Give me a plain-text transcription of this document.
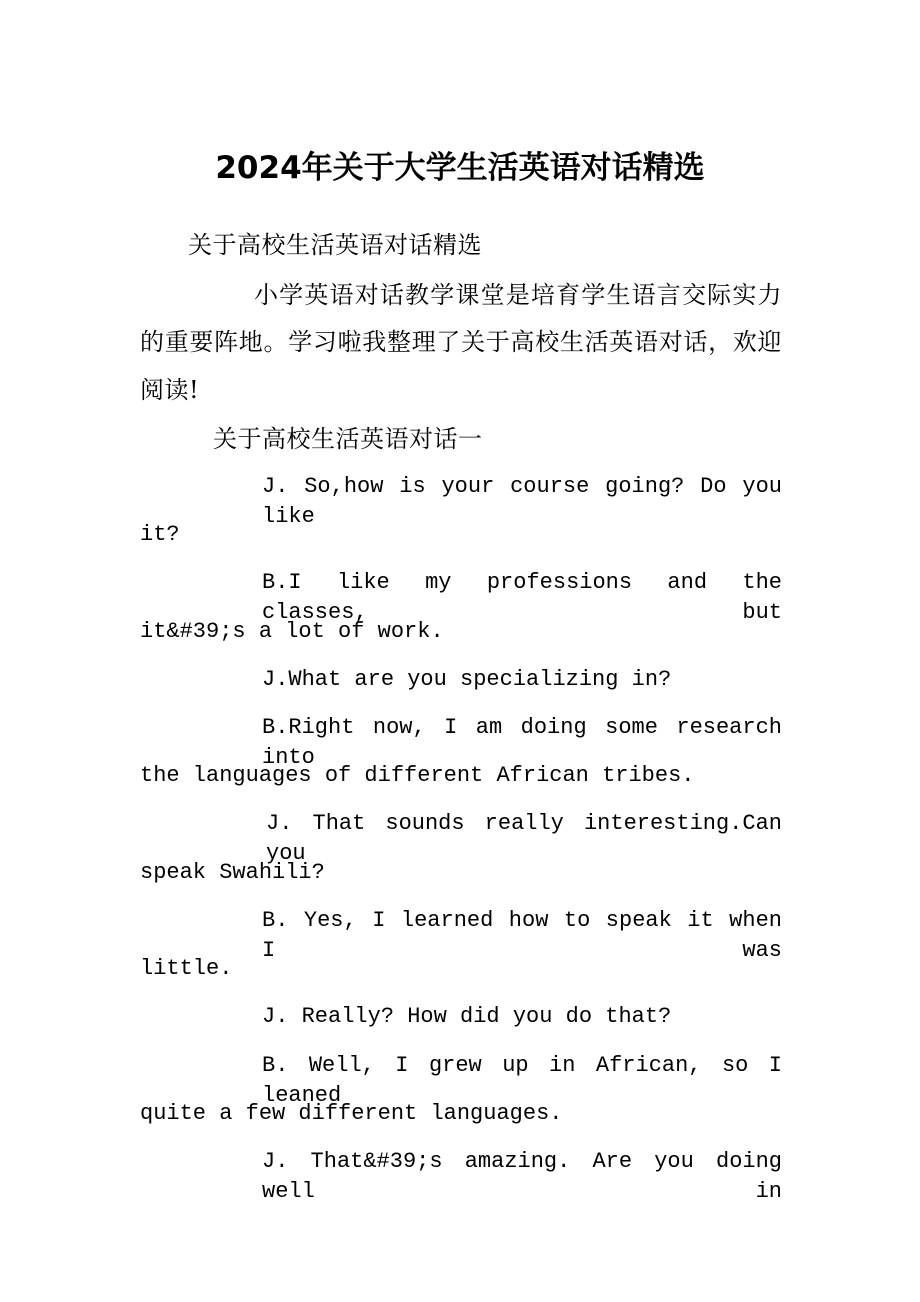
2024年关于大学生活英语对话精选
关于高校生活英语对话精选
小学英语对话教学课堂是培育学生语言交际实力
的重要阵地。学习啦我整理了关于高校生活英语对话，欢迎
阅读!
关于高校生活英语对话一
J. So,how is your course going? Do you like
it?
B.I like my professions and the classes, but
it&#39;s a lot of work.
J.What are you specializing in?
B.Right now, I am doing some research into
the languages of different African tribes.
J. That sounds really interesting.Can you
speak Swahili?
B. Yes, I learned how to speak it when I was
little.
J. Really? How did you do that?
B. Well, I grew up in African, so I leaned
quite a few different languages.
J. That&#39;s amazing. Are you doing well in
